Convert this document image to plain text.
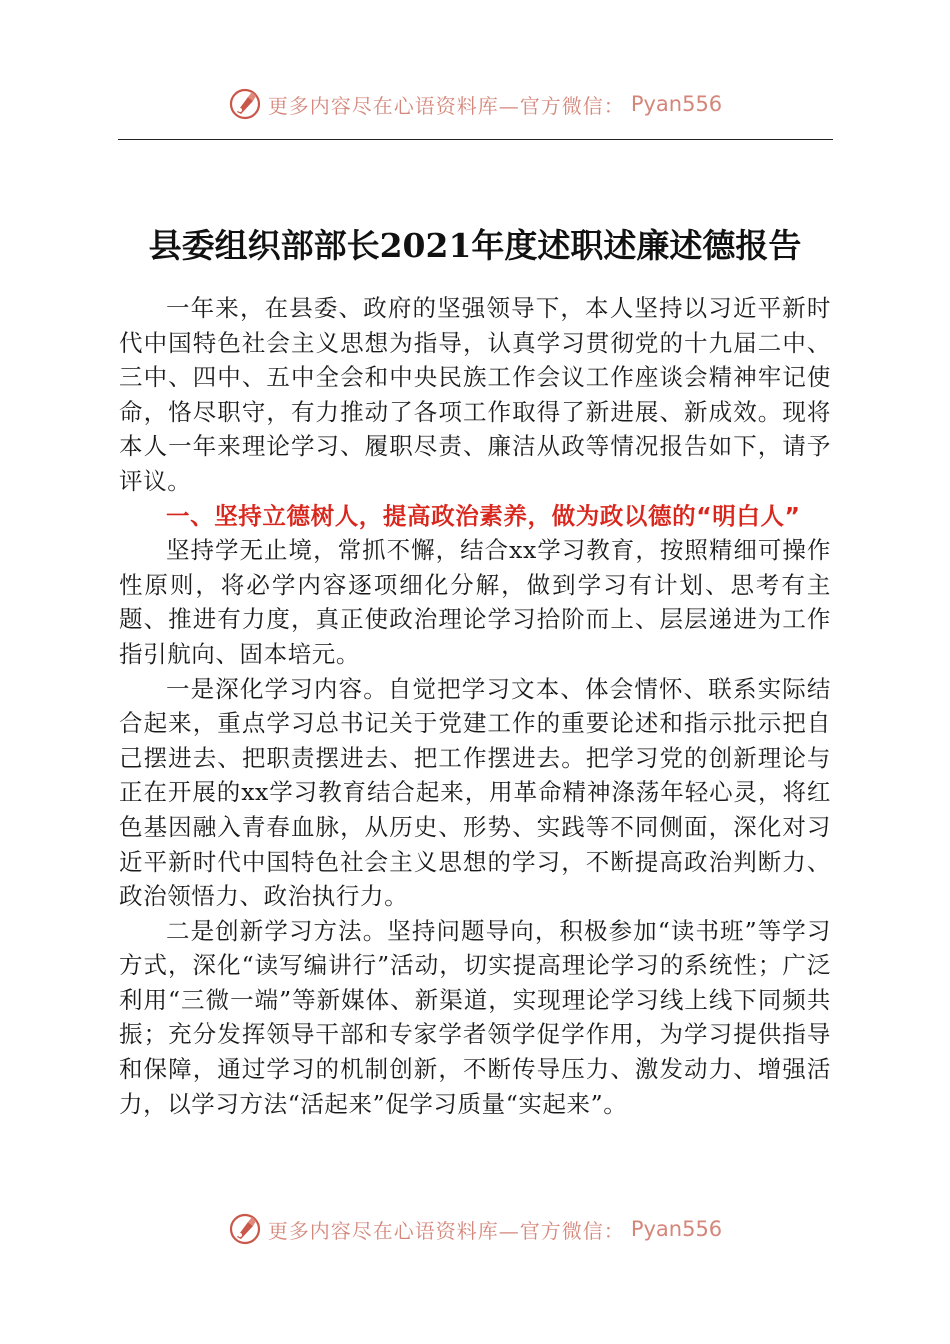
更多内容尽在心语资料库—官方微信： Pyan556
县委组织部部长2021年度述职述廉述德报告

一年来，在县委、政府的坚强领导下，本人坚持以习近平新时代中国特色社会主义思想为指导，认真学习贯彻党的十九届二中、三中、四中、五中全会和中央民族工作会议工作座谈会精神牢记使命，恪尽职守，有力推动了各项工作取得了新进展、新成效。现将本人一年来理论学习、履职尽责、廉洁从政等情况报告如下，请予评议。

一、坚持立德树人，提高政治素养，做为政以德的“明白人”

坚持学无止境，常抓不懈，结合xx学习教育，按照精细可操作性原则，将必学内容逐项细化分解，做到学习有计划、思考有主题、推进有力度，真正使政治理论学习拾阶而上、层层递进为工作指引航向、固本培元。

一是深化学习内容。自觉把学习文本、体会情怀、联系实际结合起来，重点学习总书记关于党建工作的重要论述和指示批示把自己摆进去、把职责摆进去、把工作摆进去。把学习党的创新理论与正在开展的xx学习教育结合起来，用革命精神涤荡年轻心灵，将红色基因融入青春血脉，从历史、形势、实践等不同侧面，深化对习近平新时代中国特色社会主义思想的学习，不断提高政治判断力、政治领悟力、政治执行力。

二是创新学习方法。坚持问题导向，积极参加“读书班”等学习方式，深化“读写编讲行”活动，切实提高理论学习的系统性；广泛利用“三微一端”等新媒体、新渠道，实现理论学习线上线下同频共振；充分发挥领导干部和专家学者领学促学作用，为学习提供指导和保障，通过学习的机制创新，不断传导压力、激发动力、增强活力，以学习方法“活起来”促学习质量“实起来”。

更多内容尽在心语资料库—官方微信： Pyan556
